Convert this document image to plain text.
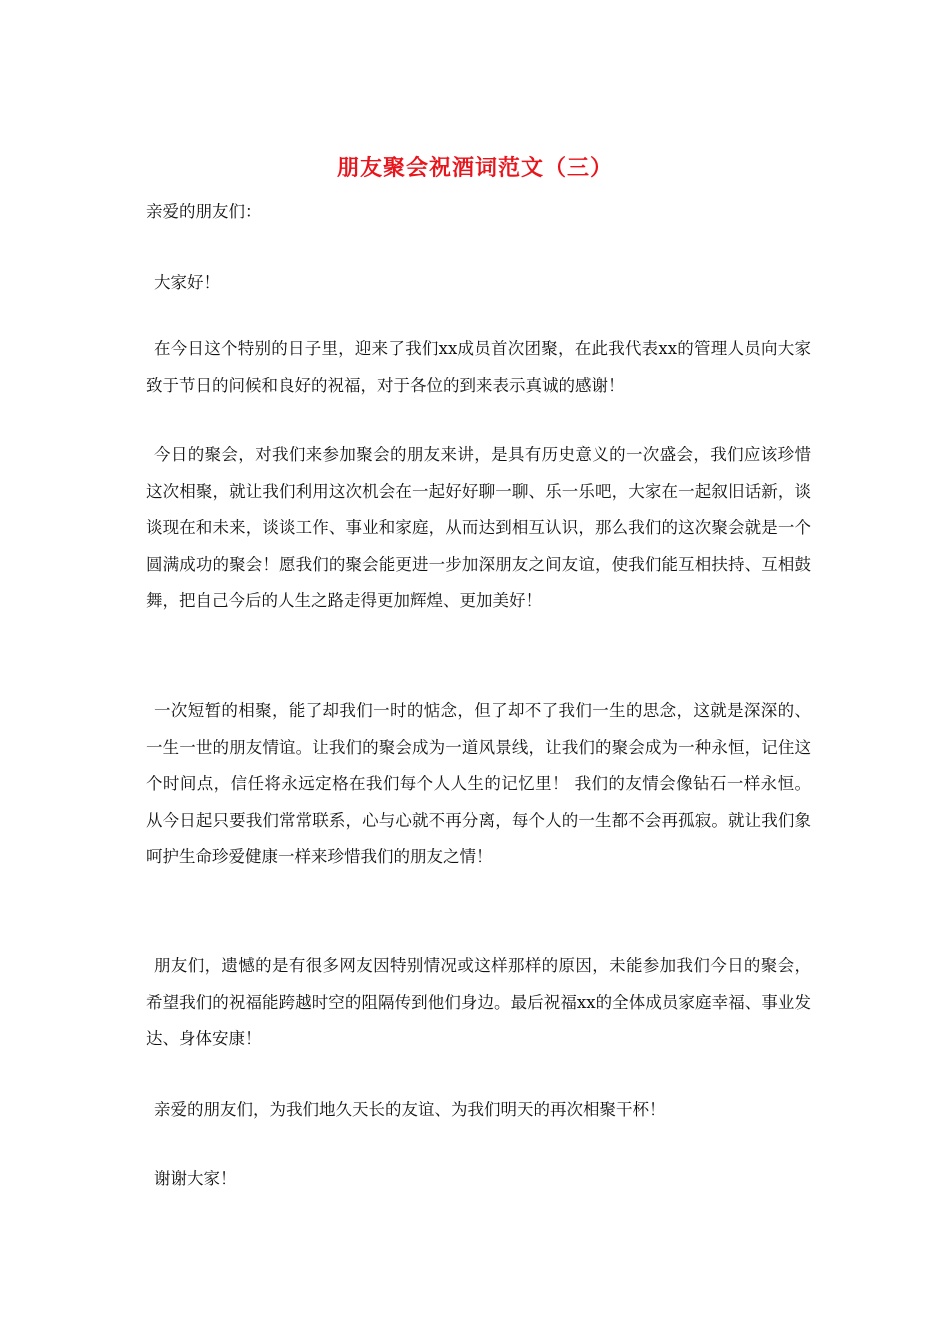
朋友聚会祝酒词范文（三）

亲爱的朋友们：

大家好！

在今日这个特别的日子里，迎来了我们xx成员首次团聚，在此我代表xx的管理人员向大家致于节日的问候和良好的祝福，对于各位的到来表示真诚的感谢！

今日的聚会，对我们来参加聚会的朋友来讲，是具有历史意义的一次盛会，我们应该珍惜这次相聚，就让我们利用这次机会在一起好好聊一聊、乐一乐吧，大家在一起叙旧话新，谈谈现在和未来，谈谈工作、事业和家庭，从而达到相互认识，那么我们的这次聚会就是一个圆满成功的聚会！愿我们的聚会能更进一步加深朋友之间友谊，使我们能互相扶持、互相鼓舞，把自己今后的人生之路走得更加辉煌、更加美好！

一次短暂的相聚，能了却我们一时的惦念，但了却不了我们一生的思念，这就是深深的、一生一世的朋友情谊。让我们的聚会成为一道风景线，让我们的聚会成为一种永恒，记住这个时间点，信任将永远定格在我们每个人人生的记忆里！ 我们的友情会像钻石一样永恒。从今日起只要我们常常联系，心与心就不再分离，每个人的一生都不会再孤寂。就让我们象呵护生命珍爱健康一样来珍惜我们的朋友之情！

朋友们，遗憾的是有很多网友因特别情况或这样那样的原因，未能参加我们今日的聚会，希望我们的祝福能跨越时空的阻隔传到他们身边。最后祝福xx的全体成员家庭幸福、事业发达、身体安康！

亲爱的朋友们，为我们地久天长的友谊、为我们明天的再次相聚干杯！

谢谢大家！
